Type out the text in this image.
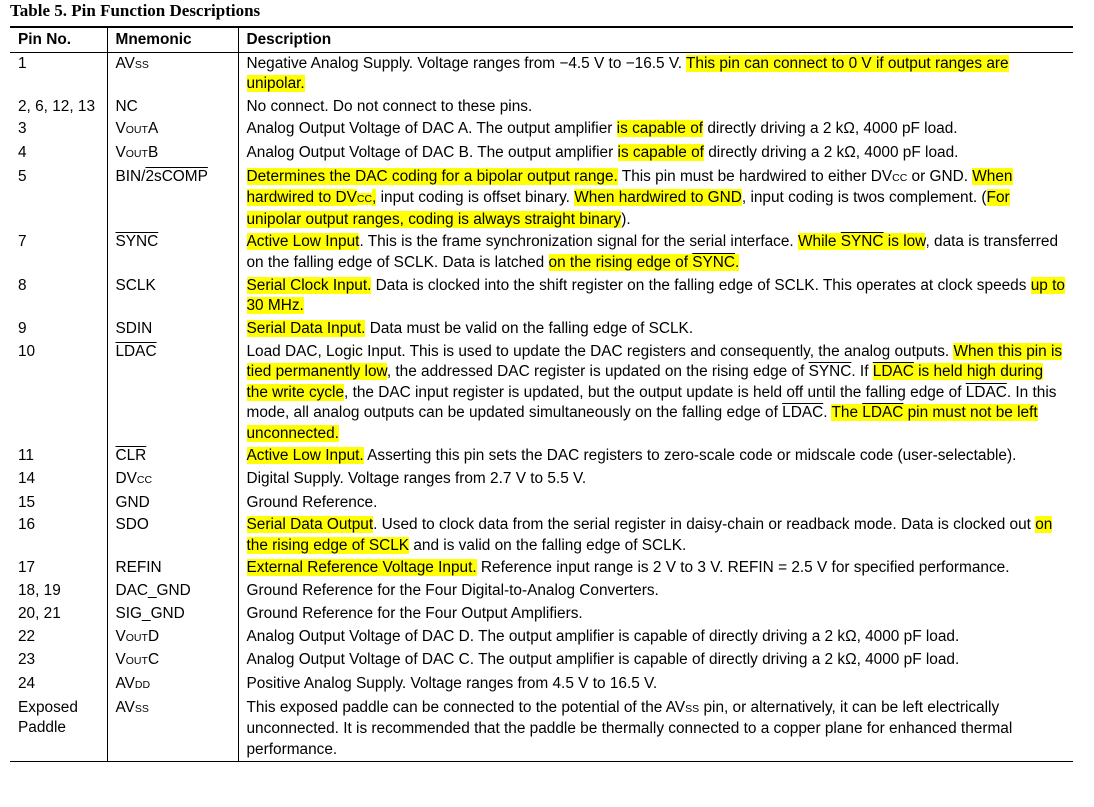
Table 5. Pin Function Descriptions
Pin No.	Mnemonic	Description
1	AVSS	Negative Analog Supply. Voltage ranges from −4.5 V to −16.5 V. This pin can connect to 0 V if output ranges are unipolar.
2, 6, 12, 13	NC	No connect. Do not connect to these pins.
3	VOUTA	Analog Output Voltage of DAC A. The output amplifier is capable of directly driving a 2 kΩ, 4000 pF load.
4	VOUTB	Analog Output Voltage of DAC B. The output amplifier is capable of directly driving a 2 kΩ, 4000 pF load.
5	BIN/2sCOMP	Determines the DAC coding for a bipolar output range. This pin must be hardwired to either DVCC or GND. When hardwired to DVCC, input coding is offset binary. When hardwired to GND, input coding is twos complement. (For unipolar output ranges, coding is always straight binary).
7	SYNC	Active Low Input. This is the frame synchronization signal for the serial interface. While SYNC is low, data is transferred on the falling edge of SCLK. Data is latched on the rising edge of SYNC.
8	SCLK	Serial Clock Input. Data is clocked into the shift register on the falling edge of SCLK. This operates at clock speeds up to 30 MHz.
9	SDIN	Serial Data Input. Data must be valid on the falling edge of SCLK.
10	LDAC	Load DAC, Logic Input. This is used to update the DAC registers and consequently, the analog outputs. When this pin is tied permanently low, the addressed DAC register is updated on the rising edge of SYNC. If LDAC is held high during the write cycle, the DAC input register is updated, but the output update is held off until the falling edge of LDAC. In this mode, all analog outputs can be updated simultaneously on the falling edge of LDAC. The LDAC pin must not be left unconnected.
11	$\overline{CLR}$	Active Low Input. Asserting this pin sets the DAC registers to zero-scale code or midscale code (user-selectable).
14	DVCC	Digital Supply. Voltage ranges from 2.7 V to 5.5 V.
15	GND	Ground Reference.
16	SDO	Serial Data Output. Used to clock data from the serial register in daisy-chain or readback mode. Data is clocked out on the rising edge of SCLK and is valid on the falling edge of SCLK.
17	REFIN	External Reference Voltage Input. Reference input range is 2 V to 3 V. REFIN = 2.5 V for specified performance.
18, 19	DAC_GND	Ground Reference for the Four Digital-to-Analog Converters.
20, 21	SIG_GND	Ground Reference for the Four Output Amplifiers.
22	VOUTD	Analog Output Voltage of DAC D. The output amplifier is capable of directly driving a 2 kΩ, 4000 pF load.
23	VOUTC	Analog Output Voltage of DAC C. The output amplifier is capable of directly driving a 2 kΩ, 4000 pF load.
24	AVDD	Positive Analog Supply. Voltage ranges from 4.5 V to 16.5 V.
Exposed Paddle	AVSS	This exposed paddle can be connected to the potential of the AVSS pin, or alternatively, it can be left electrically unconnected. It is recommended that the paddle be thermally connected to a copper plane for enhanced thermal performance.
